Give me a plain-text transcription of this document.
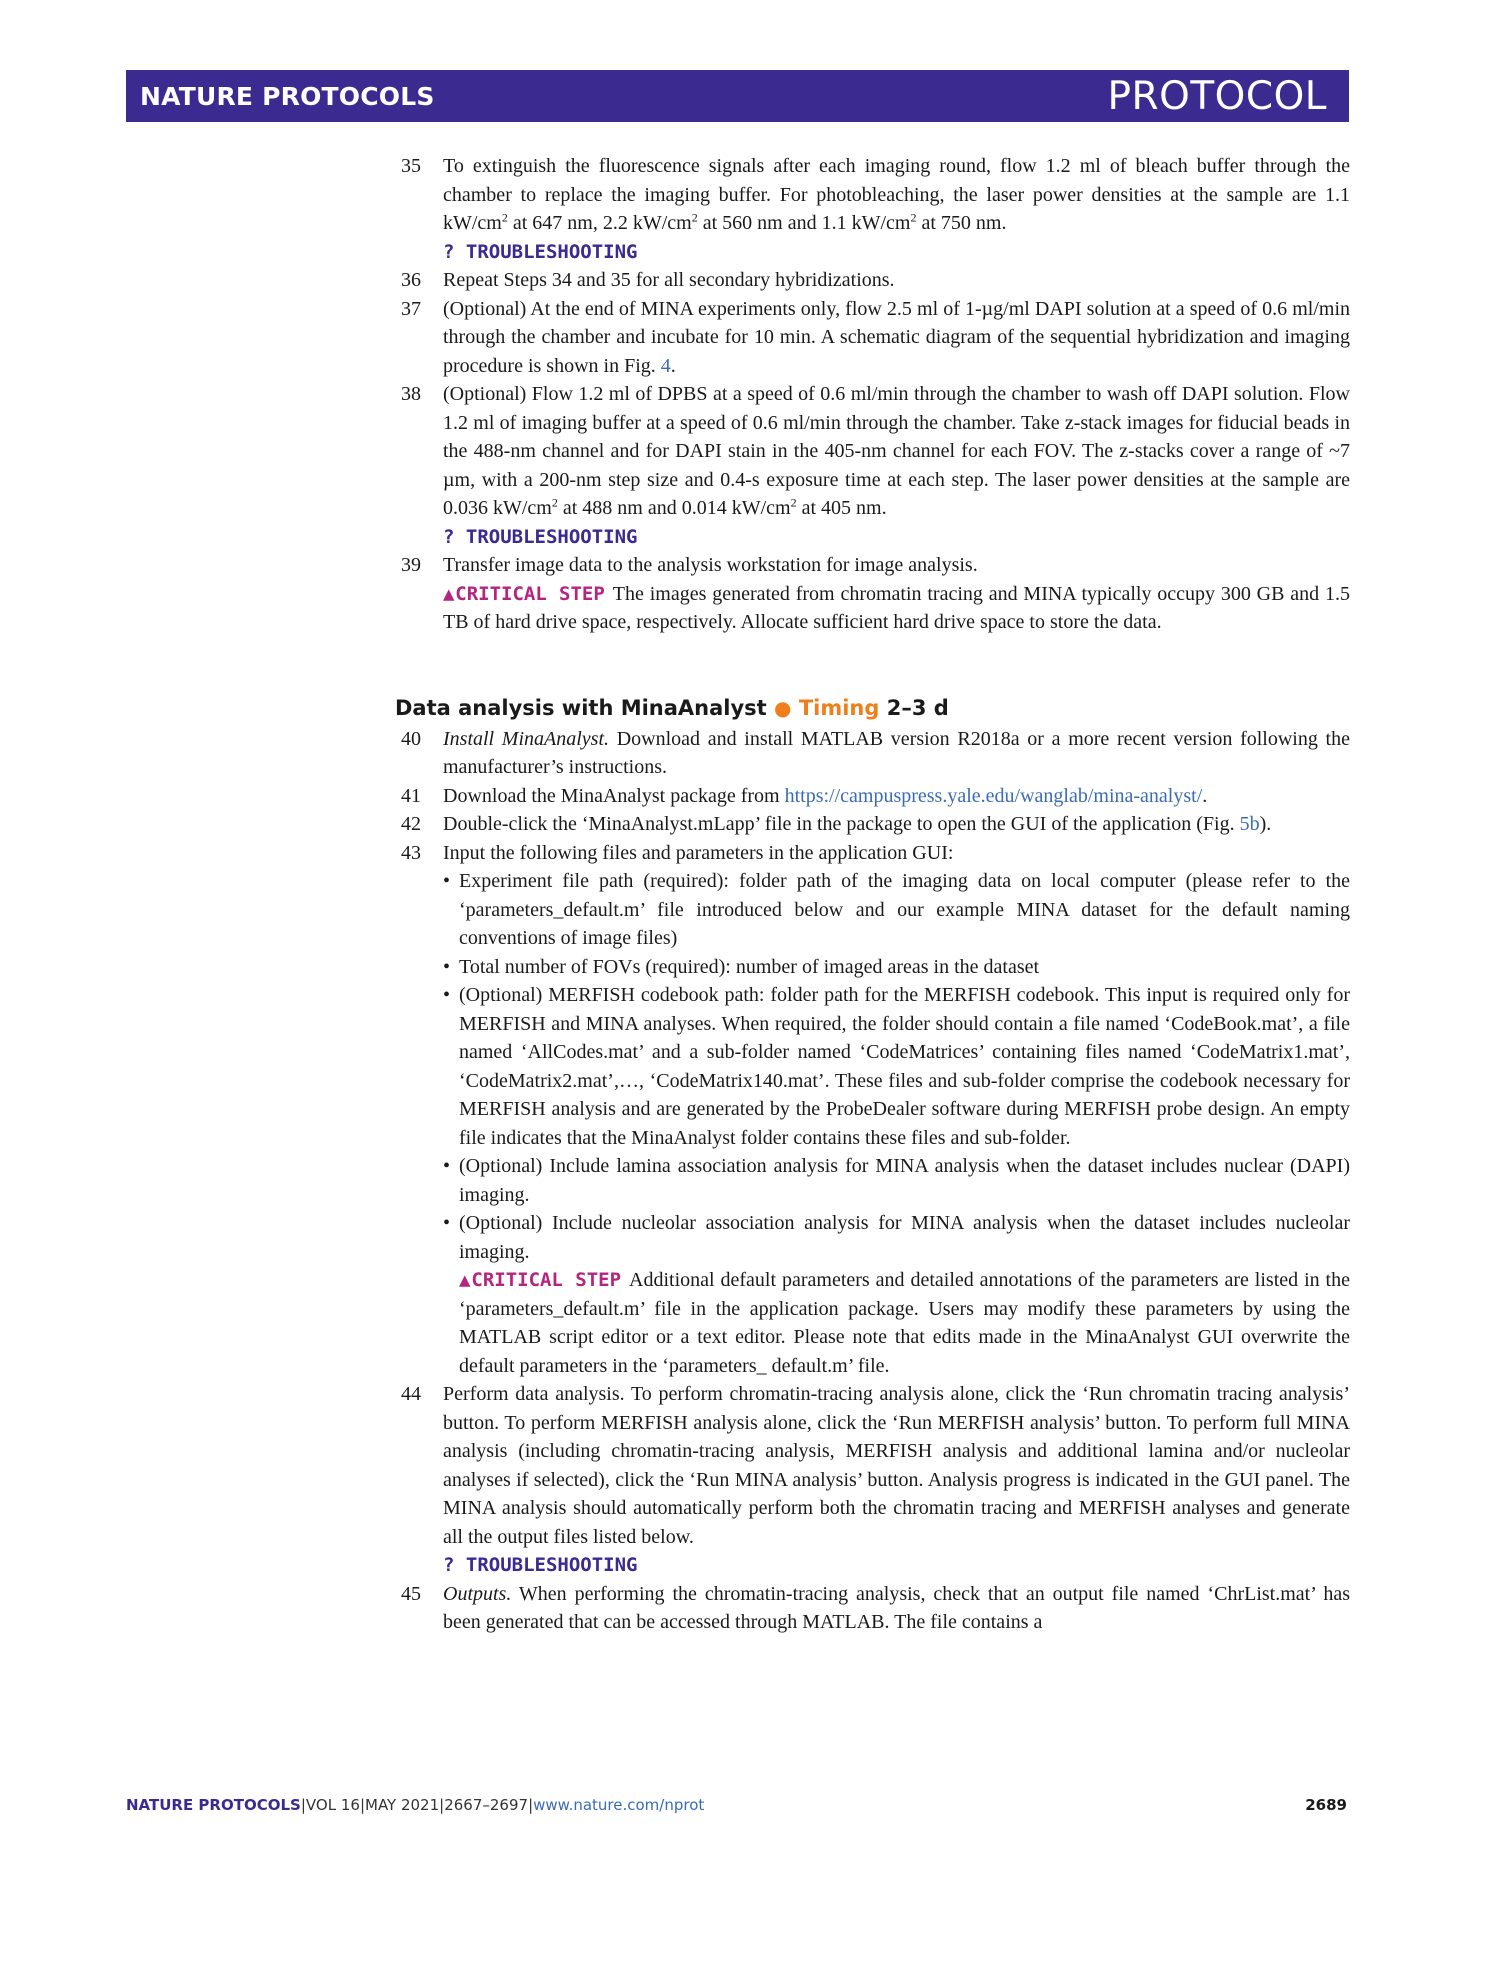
NATURE PROTOCOLS	PROTOCOL

35 To extinguish the fluorescence signals after each imaging round, flow 1.2 ml of bleach buffer through the chamber to replace the imaging buffer. For photobleaching, the laser power densities at the sample are 1.1 $kW/cm^2$ at 647 nm, 2.2 $kW/cm^2$ at 560 nm and 1.1 $kW/cm^2$ at 750 nm.
? TROUBLESHOOTING

36 Repeat Steps 34 and 35 for all secondary hybridizations.

37 (Optional) At the end of MINA experiments only, flow 2.5 ml of 1-µg/ml DAPI solution at a speed of 0.6 ml/min through the chamber and incubate for 10 min. A schematic diagram of the sequential hybridization and imaging procedure is shown in Fig. 4.

38 (Optional) Flow 1.2 ml of DPBS at a speed of 0.6 ml/min through the chamber to wash off DAPI solution. Flow 1.2 ml of imaging buffer at a speed of 0.6 ml/min through the chamber. Take z-stack images for fiducial beads in the 488-nm channel and for DAPI stain in the 405-nm channel for each FOV. The z-stacks cover a range of ~7 µm, with a 200-nm step size and 0.4-s exposure time at each step. The laser power densities at the sample are 0.036 $kW/cm^2$ at 488 nm and 0.014 $kW/cm^2$ at 405 nm.
? TROUBLESHOOTING

39 Transfer image data to the analysis workstation for image analysis.
▲CRITICAL STEP The images generated from chromatin tracing and MINA typically occupy 300 GB and 1.5 TB of hard drive space, respectively. Allocate sufficient hard drive space to store the data.

Data analysis with MinaAnalyst ● Timing 2–3 d

40 Install MinaAnalyst. Download and install MATLAB version R2018a or a more recent version following the manufacturer’s instructions.

41 Download the MinaAnalyst package from https://campuspress.yale.edu/wanglab/mina-analyst/.

42 Double-click the ‘MinaAnalyst.mLapp’ file in the package to open the GUI of the application (Fig. 5b).

43 Input the following files and parameters in the application GUI:
• Experiment file path (required): folder path of the imaging data on local computer (please refer to the ‘parameters_default.m’ file introduced below and our example MINA dataset for the default naming conventions of image files)
• Total number of FOVs (required): number of imaged areas in the dataset
• (Optional) MERFISH codebook path: folder path for the MERFISH codebook. This input is required only for MERFISH and MINA analyses. When required, the folder should contain a file named ‘CodeBook.mat’, a file named ‘AllCodes.mat’ and a sub-folder named ‘CodeMatrices’ containing files named ‘CodeMatrix1.mat’, ‘CodeMatrix2.mat’,…, ‘CodeMatrix140.mat’. These files and sub-folder comprise the codebook necessary for MERFISH analysis and are generated by the ProbeDealer software during MERFISH probe design. An empty file indicates that the MinaAnalyst folder contains these files and sub-folder.
• (Optional) Include lamina association analysis for MINA analysis when the dataset includes nuclear (DAPI) imaging.
• (Optional) Include nucleolar association analysis for MINA analysis when the dataset includes nucleolar imaging.
▲CRITICAL STEP Additional default parameters and detailed annotations of the parameters are listed in the ‘parameters_default.m’ file in the application package. Users may modify these parameters by using the MATLAB script editor or a text editor. Please note that edits made in the MinaAnalyst GUI overwrite the default parameters in the ‘parameters_ default.m’ file.

44 Perform data analysis. To perform chromatin-tracing analysis alone, click the ‘Run chromatin tracing analysis’ button. To perform MERFISH analysis alone, click the ‘Run MERFISH analysis’ button. To perform full MINA analysis (including chromatin-tracing analysis, MERFISH analysis and additional lamina and/or nucleolar analyses if selected), click the ‘Run MINA analysis’ button. Analysis progress is indicated in the GUI panel. The MINA analysis should automatically perform both the chromatin tracing and MERFISH analyses and generate all the output files listed below.
? TROUBLESHOOTING

45 Outputs. When performing the chromatin-tracing analysis, check that an output file named ‘ChrList.mat’ has been generated that can be accessed through MATLAB. The file contains a

NATURE PROTOCOLS|VOL 16|MAY 2021|2667–2697|www.nature.com/nprot	2689
